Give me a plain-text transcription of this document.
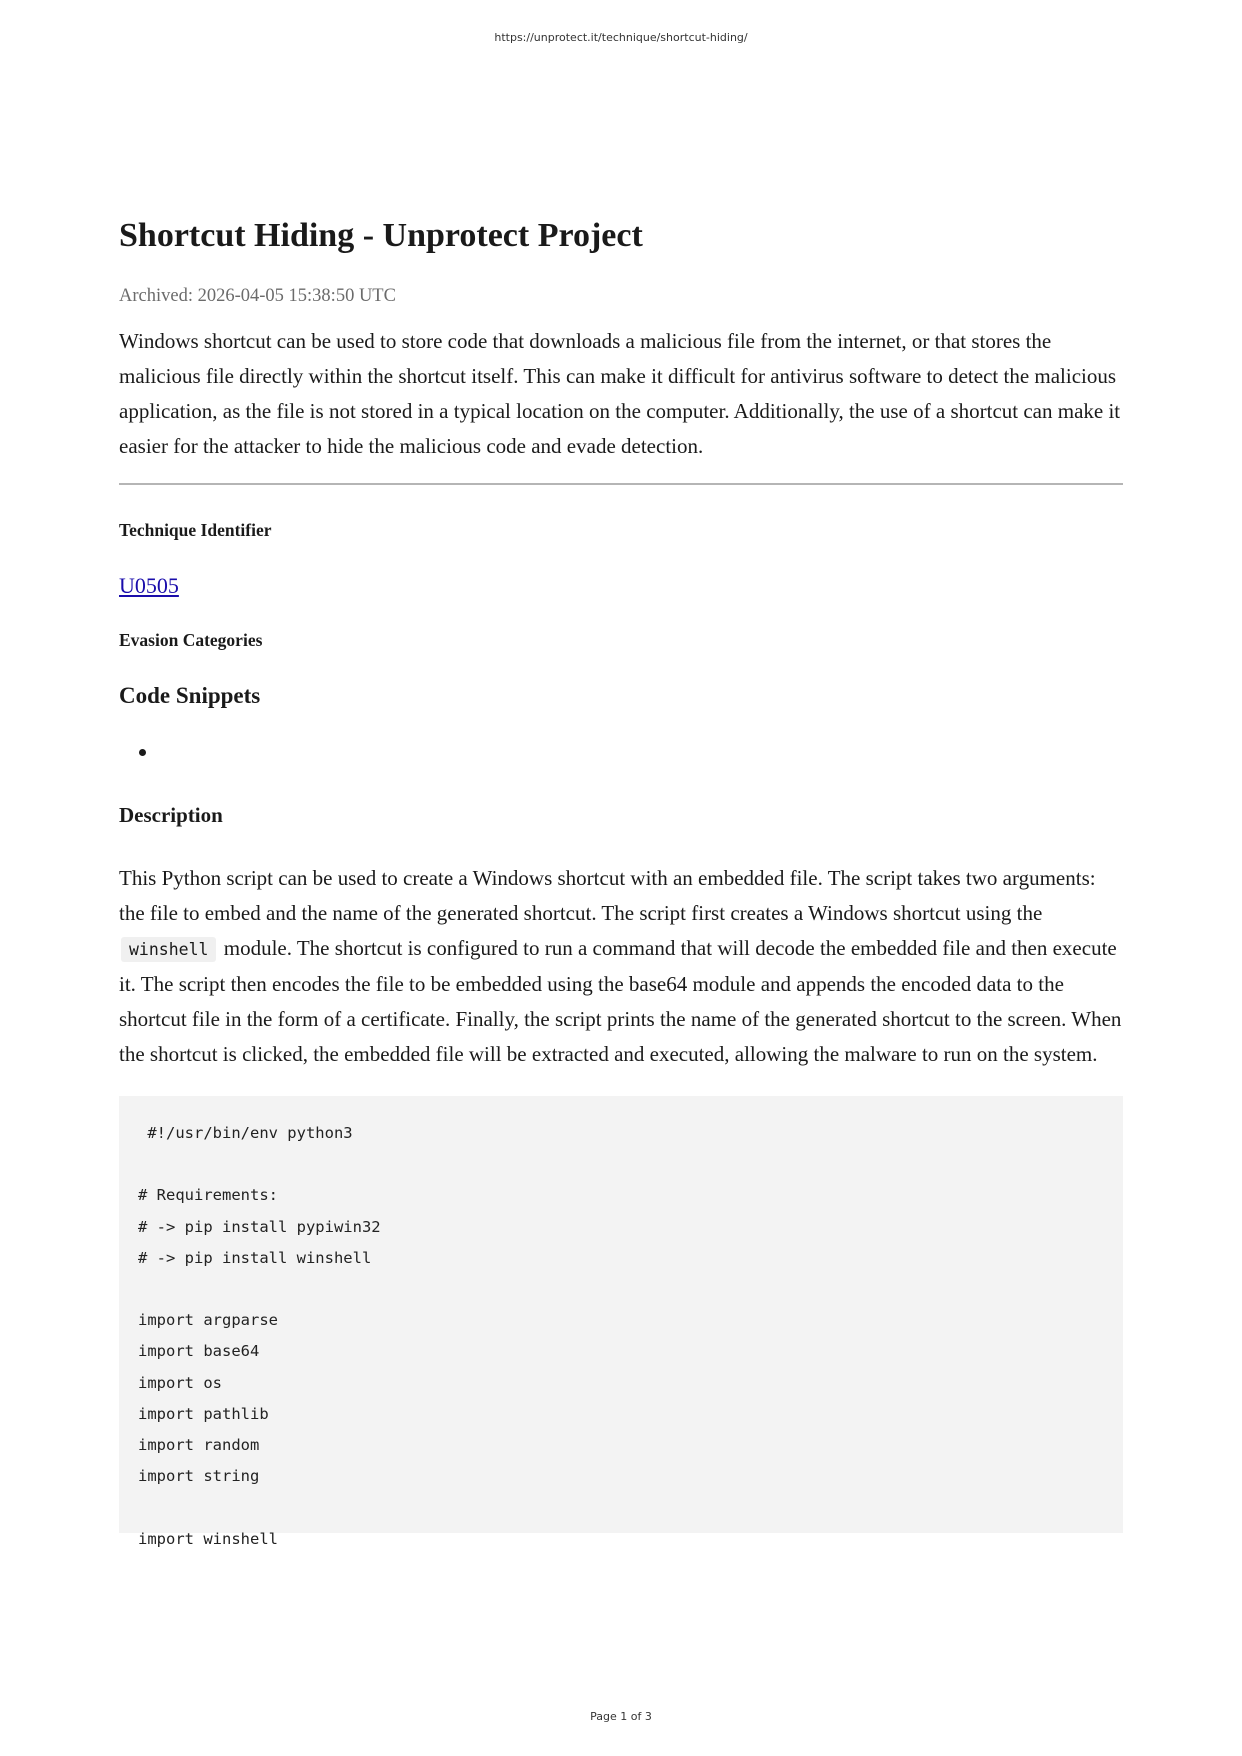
https://unprotect.it/technique/shortcut-hiding/
Shortcut Hiding - Unprotect Project
Archived: 2026-04-05 15:38:50 UTC
Windows shortcut can be used to store code that downloads a malicious file from the internet, or that stores the malicious file directly within the shortcut itself. This can make it difficult for antivirus software to detect the malicious application, as the file is not stored in a typical location on the computer. Additionally, the use of a shortcut can make it easier for the attacker to hide the malicious code and evade detection.
Technique Identifier
U0505
Evasion Categories
Code Snippets
•
Description
This Python script can be used to create a Windows shortcut with an embedded file. The script takes two arguments: the file to embed and the name of the generated shortcut. The script first creates a Windows shortcut using the winshell module. The shortcut is configured to run a command that will decode the embedded file and then execute it. The script then encodes the file to be embedded using the base64 module and appends the encoded data to the shortcut file in the form of a certificate. Finally, the script prints the name of the generated shortcut to the screen. When the shortcut is clicked, the embedded file will be extracted and executed, allowing the malware to run on the system.
#!/usr/bin/env python3

# Requirements:
# -> pip install pypiwin32
# -> pip install winshell

import argparse
import base64
import os
import pathlib
import random
import string

import winshell
Page 1 of 3
